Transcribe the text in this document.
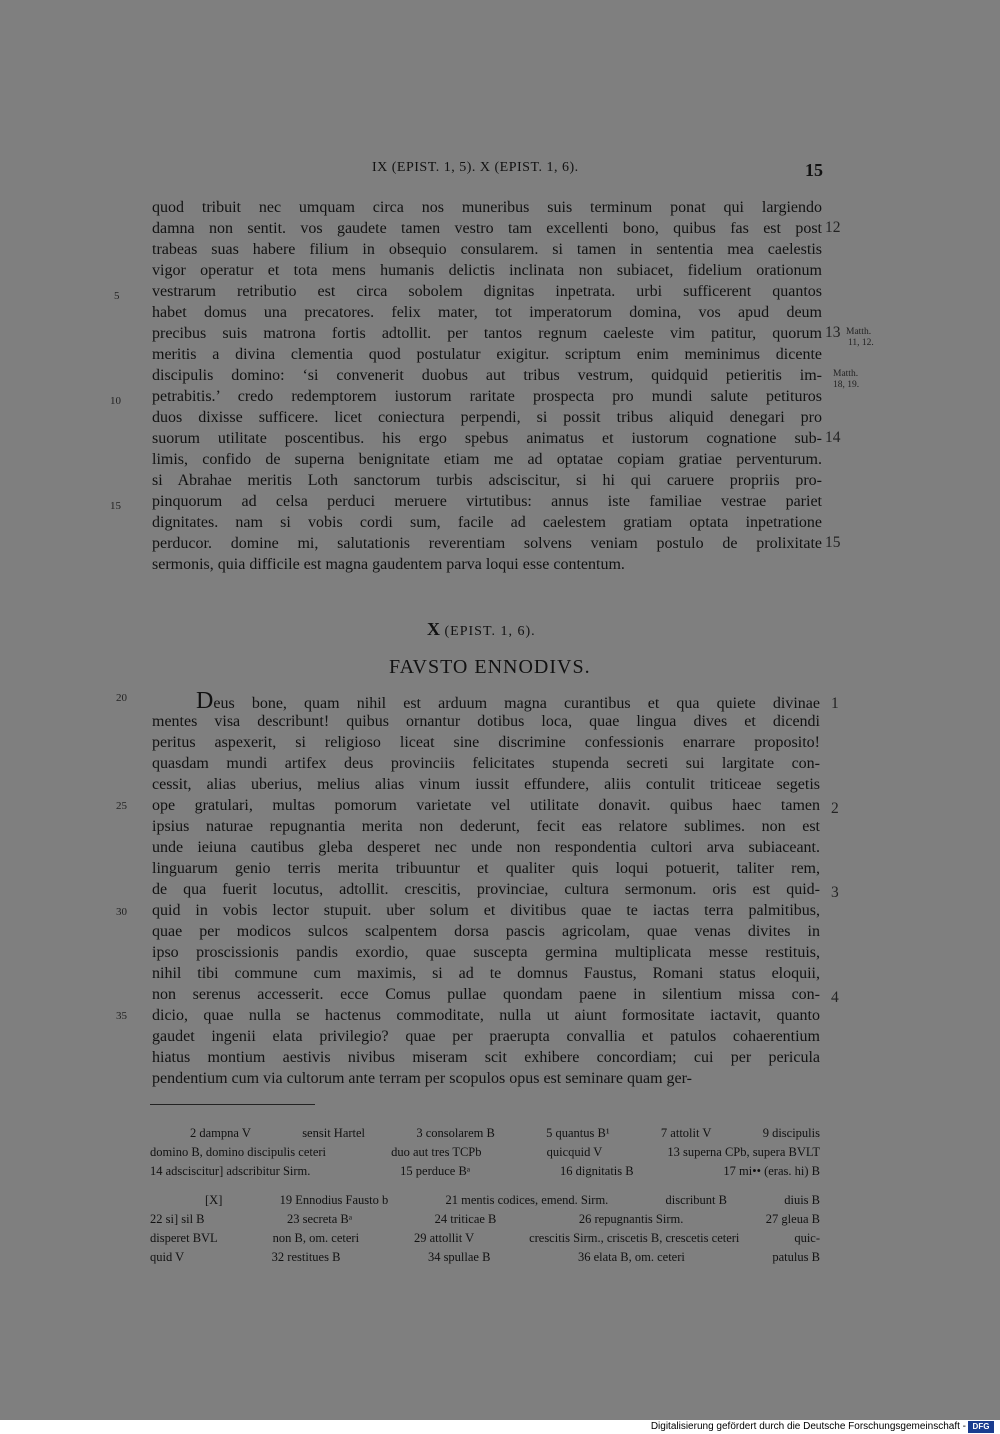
IX (EPIST. 1, 5). X (EPIST. 1, 6).	15
quod tribuit nec umquam circa nos muneribus suis terminum ponat qui largiendo
damna non sentit. vos gaudete tamen vestro tam excellenti bono, quibus fas est post
trabeas suas habere filium in obsequio consularem. si tamen in sententia mea caelestis
vigor operatur et tota mens humanis delictis inclinata non subiacet, fidelium orationum
vestrarum retributio est circa sobolem dignitas inpetrata. urbi sufficerent quantos
habet domus una precatores. felix mater, tot imperatorum domina, vos apud deum
precibus suis matrona fortis adtollit. per tantos regnum caeleste vim patitur, quorum
meritis a divina clementia quod postulatur exigitur. scriptum enim meminimus dicente
discipulis domino: ‘si convenerit duobus aut tribus vestrum, quidquid petieritis im-
petrabitis.’ credo redemptorem iustorum raritate prospecta pro mundi salute petituros
duos dixisse sufficere. licet coniectura perpendi, si possit tribus aliquid denegari pro
suorum utilitate poscentibus. his ergo spebus animatus et iustorum cognatione sub-
limis, confido de superna benignitate etiam me ad optatae copiam gratiae perventurum.
si Abrahae meritis Loth sanctorum turbis adsciscitur, si hi qui caruere propriis pro-
pinquorum ad celsa perduci meruere virtutibus: annus iste familiae vestrae pariet
dignitates. nam si vobis cordi sum, facile ad caelestem gratiam optata inpetratione
perducor. domine mi, salutationis reverentiam solvens veniam postulo de prolixitate
sermonis, quia difficile est magna gaudentem parva loqui esse contentum.
5
10
15
12
13
14
15
Matth.
11, 12.
Matth.
18, 19.
X (EPIST. 1, 6).
FAVSTO ENNODIVS.
Deus bone, quam nihil est arduum magna curantibus et qua quiete divinae
mentes visa describunt! quibus ornantur dotibus loca, quae lingua dives et dicendi
peritus aspexerit, si religioso liceat sine discrimine confessionis enarrare proposito!
quasdam mundi artifex deus provinciis felicitates stupenda secreti sui largitate con-
cessit, alias uberius, melius alias vinum iussit effundere, aliis contulit triticeae segetis
ope gratulari, multas pomorum varietate vel utilitate donavit. quibus haec tamen
ipsius naturae repugnantia merita non dederunt, fecit eas relatore sublimes. non est
unde ieiuna cautibus gleba desperet nec unde non respondentia cultori arva subiaceant.
linguarum genio terris merita tribuuntur et qualiter quis loqui potuerit, taliter rem,
de qua fuerit locutus, adtollit. crescitis, provinciae, cultura sermonum. oris est quid-
quid in vobis lector stupuit. uber solum et divitibus quae te iactas terra palmitibus,
quae per modicos sulcos scalpentem dorsa pascis agricolam, quae venas divites in
ipso proscissionis pandis exordio, quae suscepta germina multiplicata messe restituis,
nihil tibi commune cum maximis, si ad te domnus Faustus, Romani status eloquii,
non serenus accesserit. ecce Comus pullae quondam paene in silentium missa con-
dicio, quae nulla se hactenus commoditate, nulla ut aiunt formositate iactavit, quanto
gaudet ingenii elata privilegio? quae per praerupta convallia et patulos cohaerentium
hiatus montium aestivis nivibus miseram scit exhibere concordiam; cui per pericula
pendentium cum via cultorum ante terram per scopulos opus est seminare quam ger-
20
25
30
35
1
2
3
4
2 dampna V	sensit Hartel	3 consolarem B	5 quantus B¹	7 attolit V	9 discipulis
domino B, domino discipulis ceteri	duo aut tres TCPb	quicquid V	13 superna CPb, supera BVLT
14 adsciscitur] adscribitur Sirm.	15 perduce Bᵃ	16 dignitatis B	17 mi•• (eras. hi) B
[X]	19 Ennodius Fausto b	21 mentis codices, emend. Sirm.	discribunt B	diuis B
22 si] sil B	23 secreta Bᵃ	24 triticae B	26 repugnantis Sirm.	27 gleua B
disperet BVL	non B, om. ceteri	29 attollit V	crescitis Sirm., criscetis B, crescetis ceteri	quic-
quid V	32 restitues B	34 spullae B	36 elata B, om. ceteri	patulus B
Digitalisierung gefördert durch die Deutsche Forschungsgemeinschaft - DFG
